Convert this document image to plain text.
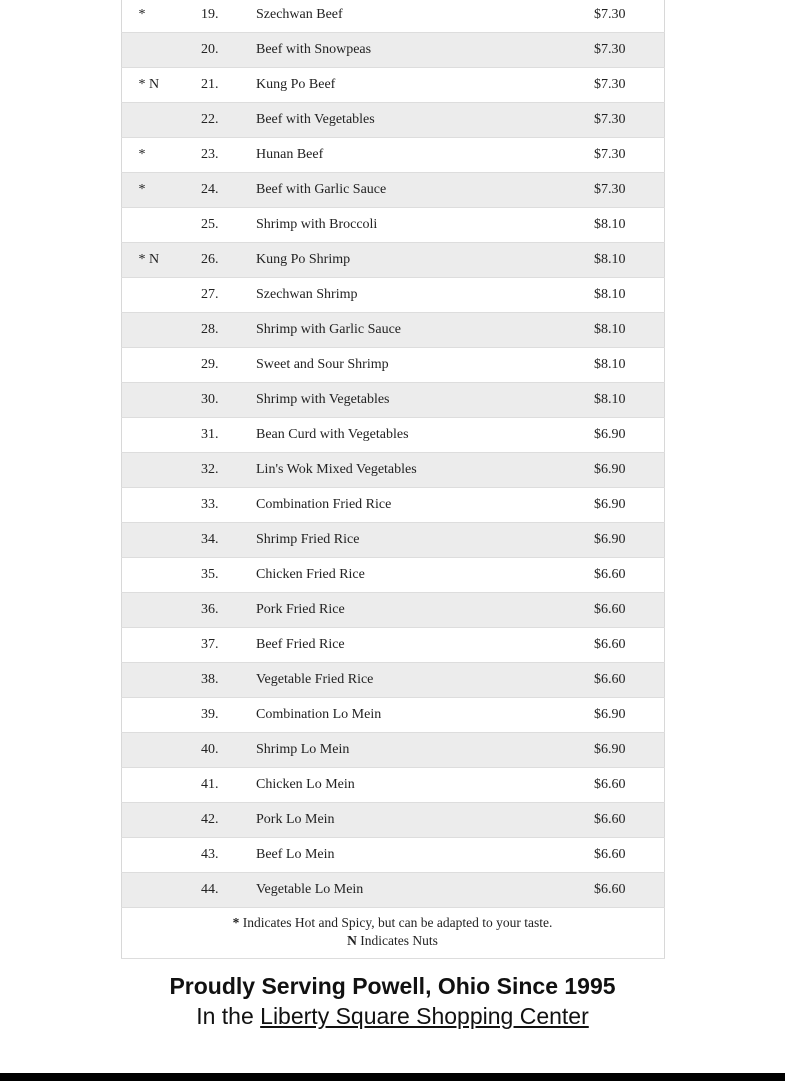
*	19.	Szechwan Beef	$7.30
	20.	Beef with Snowpeas	$7.30
* N	21.	Kung Po Beef	$7.30
	22.	Beef with Vegetables	$7.30
*	23.	Hunan Beef	$7.30
*	24.	Beef with Garlic Sauce	$7.30
	25.	Shrimp with Broccoli	$8.10
* N	26.	Kung Po Shrimp	$8.10
	27.	Szechwan Shrimp	$8.10
	28.	Shrimp with Garlic Sauce	$8.10
	29.	Sweet and Sour Shrimp	$8.10
	30.	Shrimp with Vegetables	$8.10
	31.	Bean Curd with Vegetables	$6.90
	32.	Lin's Wok Mixed Vegetables	$6.90
	33.	Combination Fried Rice	$6.90
	34.	Shrimp Fried Rice	$6.90
	35.	Chicken Fried Rice	$6.60
	36.	Pork Fried Rice	$6.60
	37.	Beef Fried Rice	$6.60
	38.	Vegetable Fried Rice	$6.60
	39.	Combination Lo Mein	$6.90
	40.	Shrimp Lo Mein	$6.90
	41.	Chicken Lo Mein	$6.60
	42.	Pork Lo Mein	$6.60
	43.	Beef Lo Mein	$6.60
	44.	Vegetable Lo Mein	$6.60
* Indicates Hot and Spicy, but can be adapted to your taste.
N Indicates Nuts			
Proudly Serving Powell, Ohio Since 1995
In the Liberty Square Shopping Center
